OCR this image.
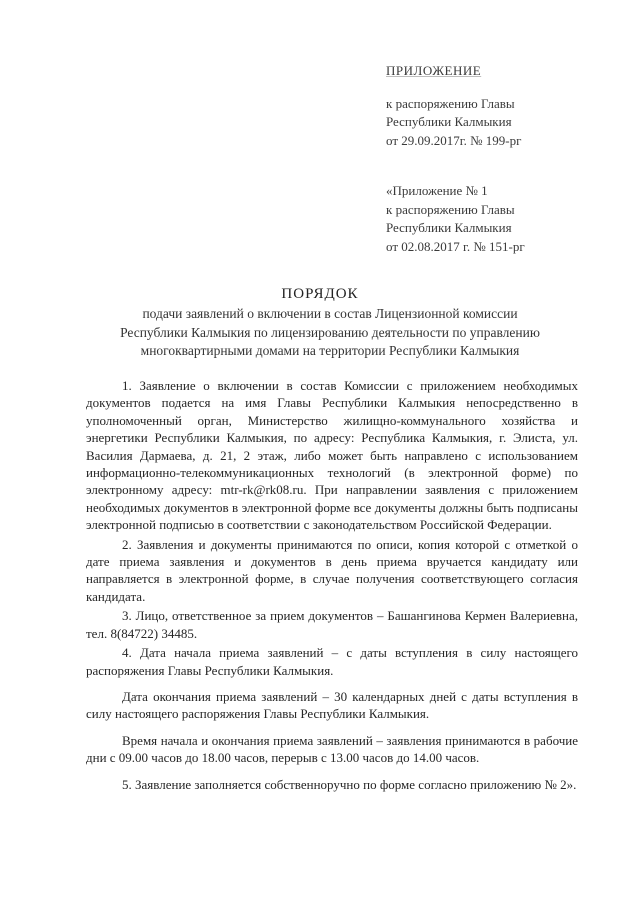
ПРИЛОЖЕНИЕ
к распоряжению Главы
Республики Калмыкия
от 29.09.2017г. № 199-рг
«Приложение № 1
к распоряжению Главы
Республики Калмыкия
от 02.08.2017 г. № 151-рг
ПОРЯДОК
подачи заявлений о включении в состав Лицензионной комиссии
Республики Калмыкия по лицензированию деятельности по управлению
многоквартирными домами на территории Республики Калмыкия

1. Заявление о включении в состав Комиссии с приложением необходимых документов подается на имя Главы Республики Калмыкия непосредственно в уполномоченный орган, Министерство жилищно-коммунального хозяйства и энергетики Республики Калмыкия, по адресу: Республика Калмыкия, г. Элиста, ул. Василия Дармаева, д. 21, 2 этаж, либо может быть направлено с использованием информационно-телекоммуникационных технологий (в электронной форме) по электронному адресу: mtr-rk@rk08.ru. При направлении заявления с приложением необходимых документов в электронной форме все документы должны быть подписаны электронной подписью в соответствии с законодательством Российской Федерации.

2. Заявления и документы принимаются по описи, копия которой с отметкой о дате приема заявления и документов в день приема вручается кандидату или направляется в электронной форме, в случае получения соответствующего согласия кандидата.

3. Лицо, ответственное за прием документов – Башангинова Кермен Валериевна, тел. 8(84722) 34485.

4. Дата начала приема заявлений – с даты вступления в силу настоящего распоряжения Главы Республики Калмыкия.

Дата окончания приема заявлений – 30 календарных дней с даты вступления в силу настоящего распоряжения Главы Республики Калмыкия.

Время начала и окончания приема заявлений – заявления принимаются в рабочие дни с 09.00 часов до 18.00 часов, перерыв с 13.00 часов до 14.00 часов.

5. Заявление заполняется собственноручно по форме согласно приложению № 2».
